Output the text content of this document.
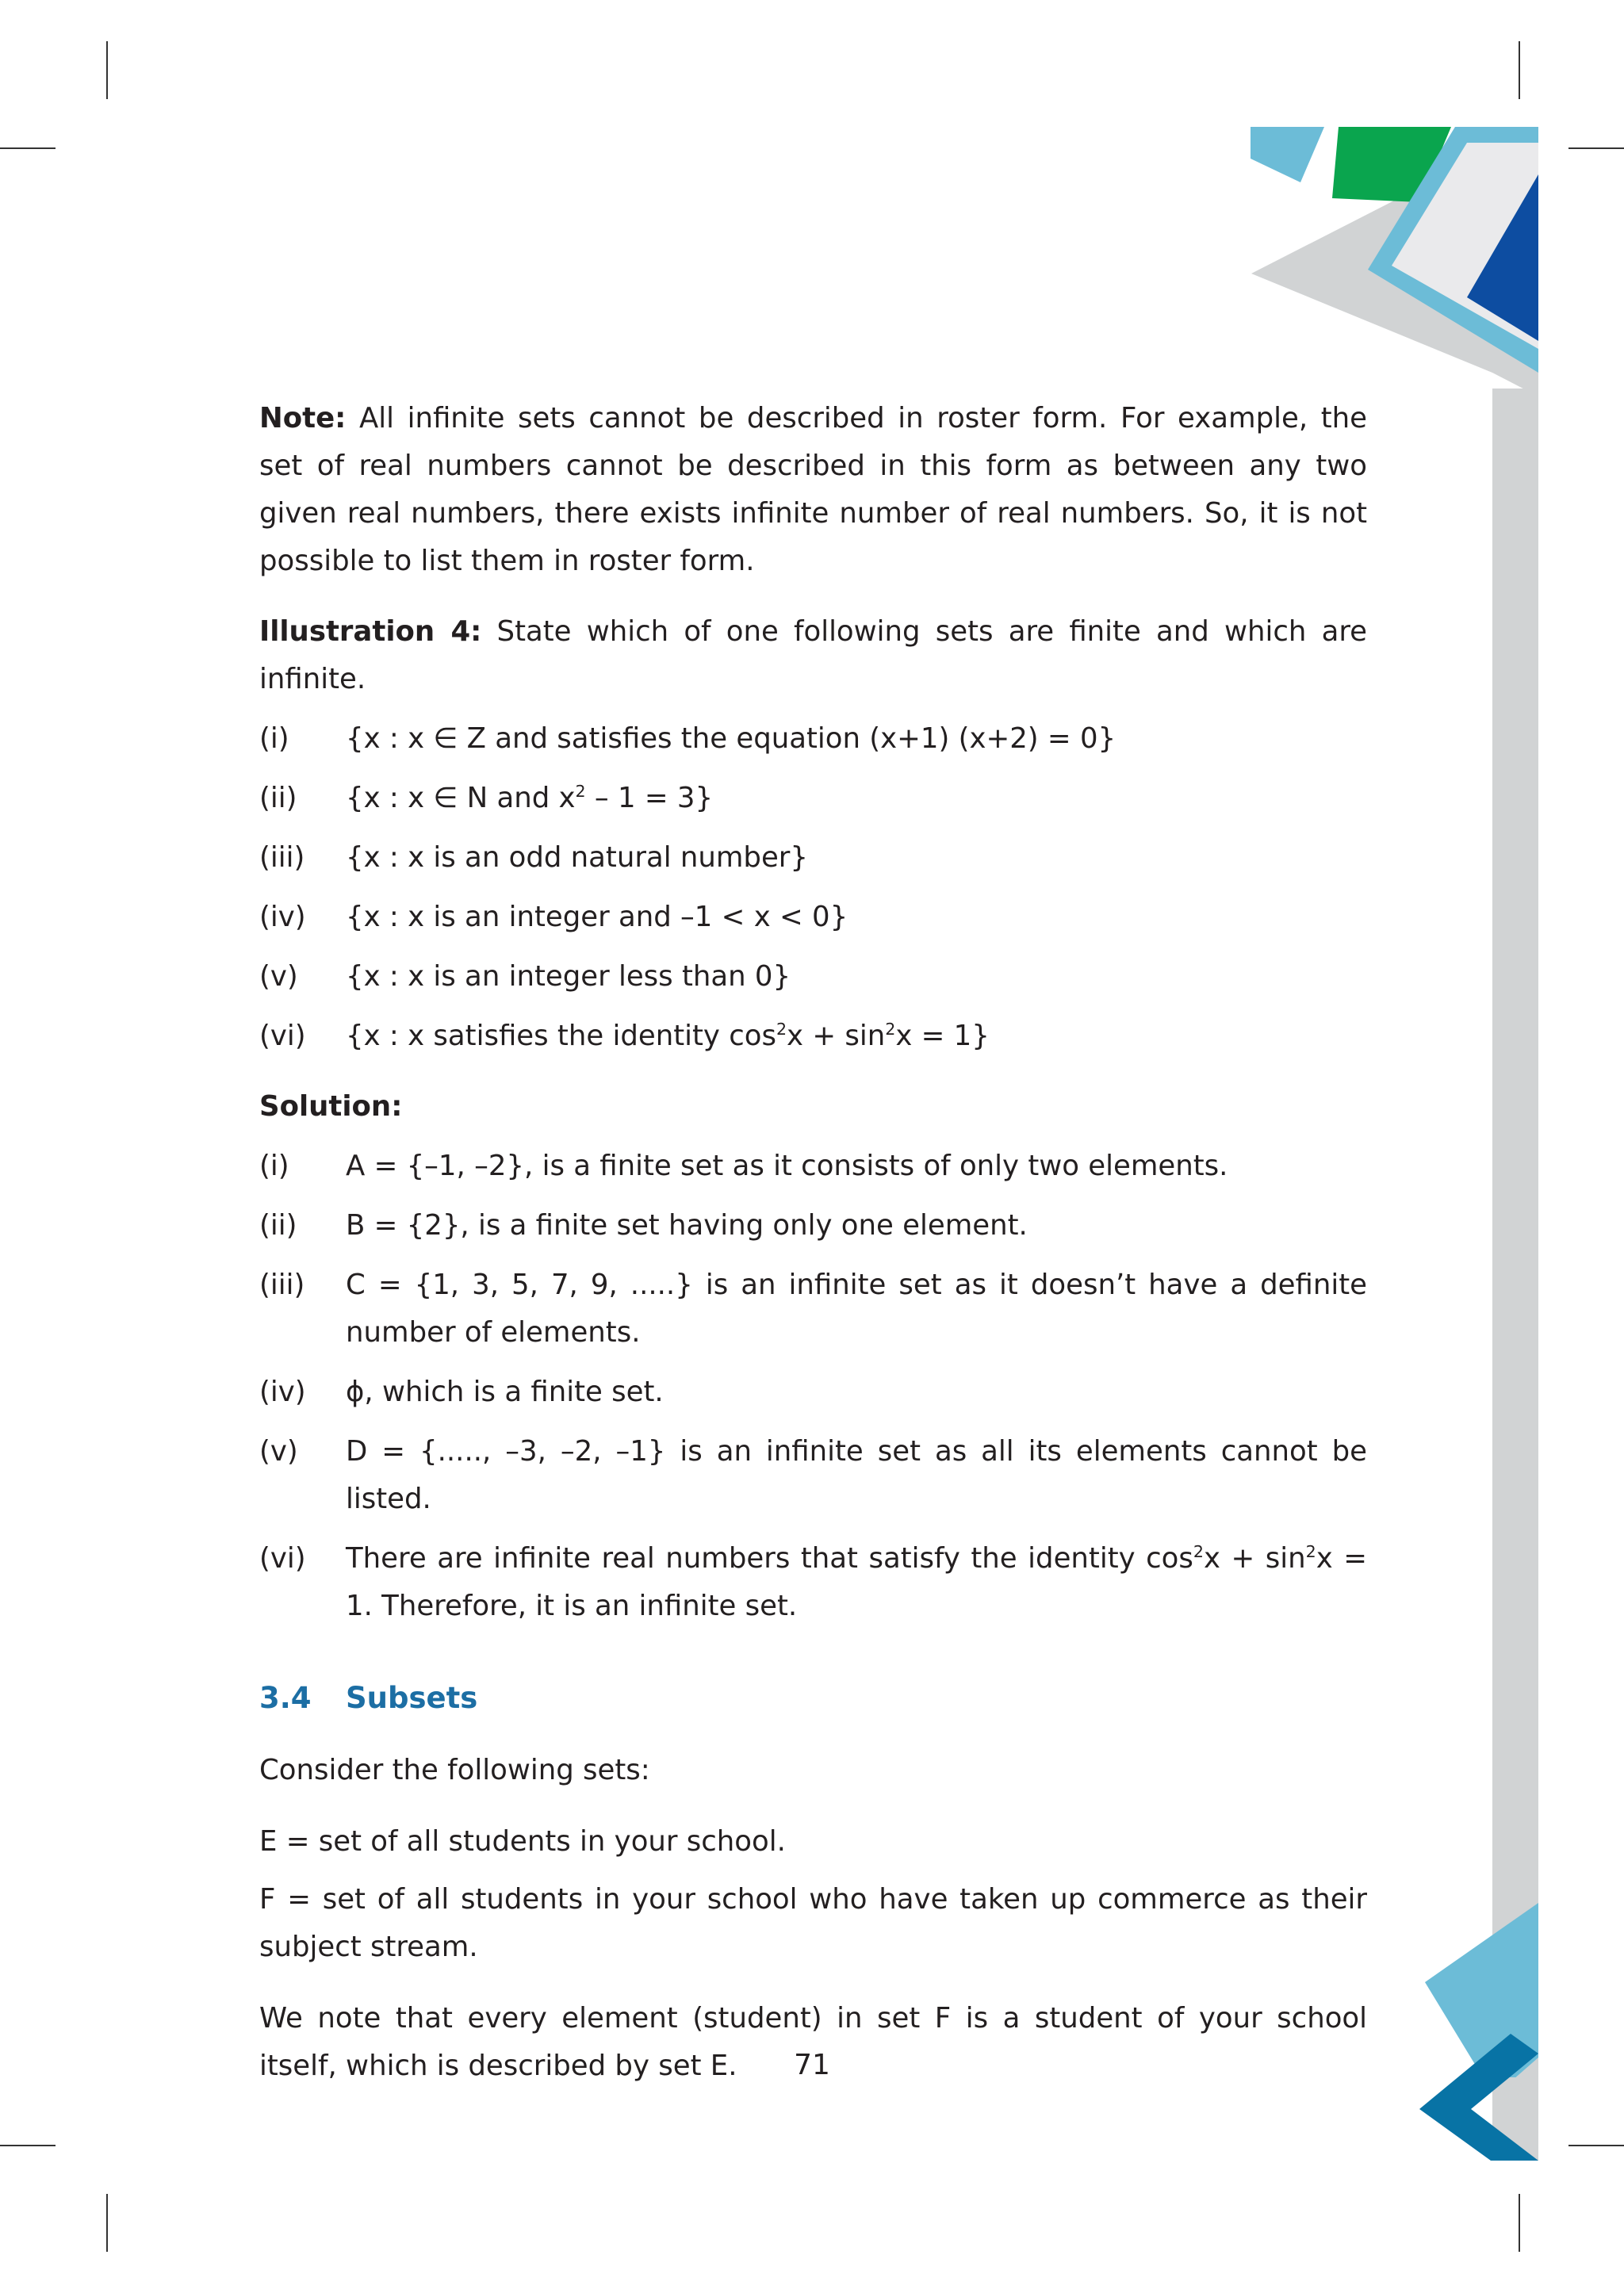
Note: All infinite sets cannot be described in roster form. For example, the set of real numbers cannot be described in this form as between any two given real numbers, there exists infinite number of real numbers. So, it is not possible to list them in roster form.

Illustration 4: State which of one following sets are finite and which are infinite.

(i)	{x : x ∈ Z and satisfies the equation (x+1) (x+2) = 0}
(ii)	{x : x ∈ N and $x^2 - 1 = 3$}
(iii)	{x : x is an odd natural number}
(iv)	{x : x is an integer and –1 < x < 0}
(v)	{x : x is an integer less than 0}
(vi)	{x : x satisfies the identity $\cos^2x + \sin^2x = 1$}

Solution:

(i)	A = {–1, –2}, is a finite set as it consists of only two elements.
(ii)	B = {2}, is a finite set having only one element.
(iii)	C = {1, 3, 5, 7, 9, .....} is an infinite set as it doesn’t have a definite number of elements.
(iv)	ϕ, which is a finite set.
(v)	D = {....., –3, –2, –1} is an infinite set as all its elements cannot be listed.
(vi)	There are infinite real numbers that satisfy the identity $\cos^2x + \sin^2x = 1$. Therefore, it is an infinite set.
3.4	Subsets

Consider the following sets:

E = set of all students in your school.

F = set of all students in your school who have taken up commerce as their subject stream.

We note that every element (student) in set F is a student of your school itself, which is described by set E.	71
